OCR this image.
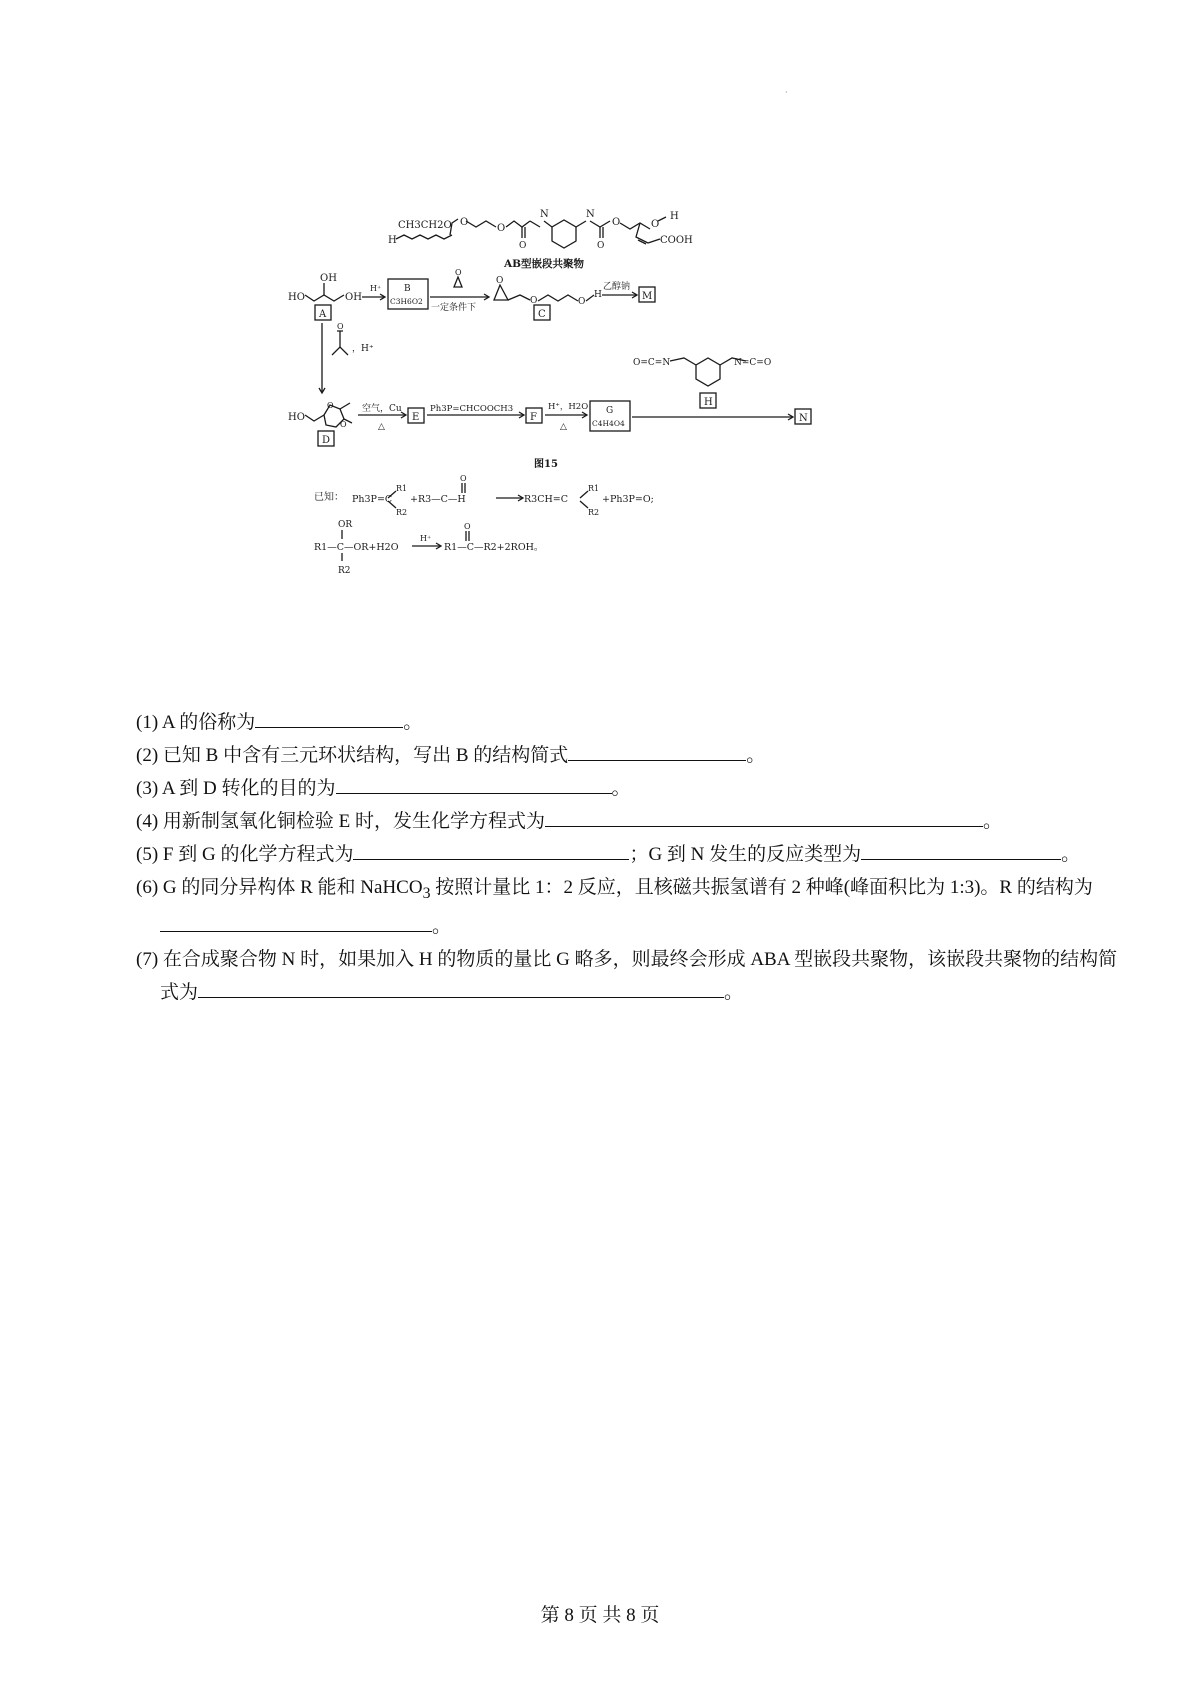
·
CH3CH2O
H
O
O
O
N	N
O
O	O
H
COOH
AB型嵌段共聚物
HO
OH
OH
A
H⁺	B
C3H6O2
O
一定条件下
O
O	O
H
C
乙醇钠
M
O
，H⁺
HO
O
O
D
空气，Cu
△
E
Ph3P=CHCOOCH3
F
H⁺，H2O
△
G
C4H4O4
O=C=N	N=C=O
H
N
图15
已知： Ph3P=C
R1
R2
+R3—C—H
O
R3CH=C
R1
R2
+Ph3P=O;
OR
R1—C—OR+H2O
R2
H⁺
R1—C—R2+2ROH。
O
(1) A 的俗称为	。
(2) 已知 B 中含有三元环状结构，写出 B 的结构简式	。
(3) A 到 D 转化的目的为	。
(4) 用新制氢氧化铜检验 E 时，发生化学方程式为	。
(5) F 到 G 的化学方程式为	；G 到 N 发生的反应类型为	。
(6) G 的同分异构体 R 能和 NaHCO$_3$ 按照计量比 1：2 反应，且核磁共振氢谱有 2 种峰(峰面积比为 1:3)。R 的结构为。
(7) 在合成聚合物 N 时，如果加入 H 的物质的量比 G 略多，则最终会形成 ABA 型嵌段共聚物，该嵌段共聚物的结构简式为	。
第 8 页 共 8 页
